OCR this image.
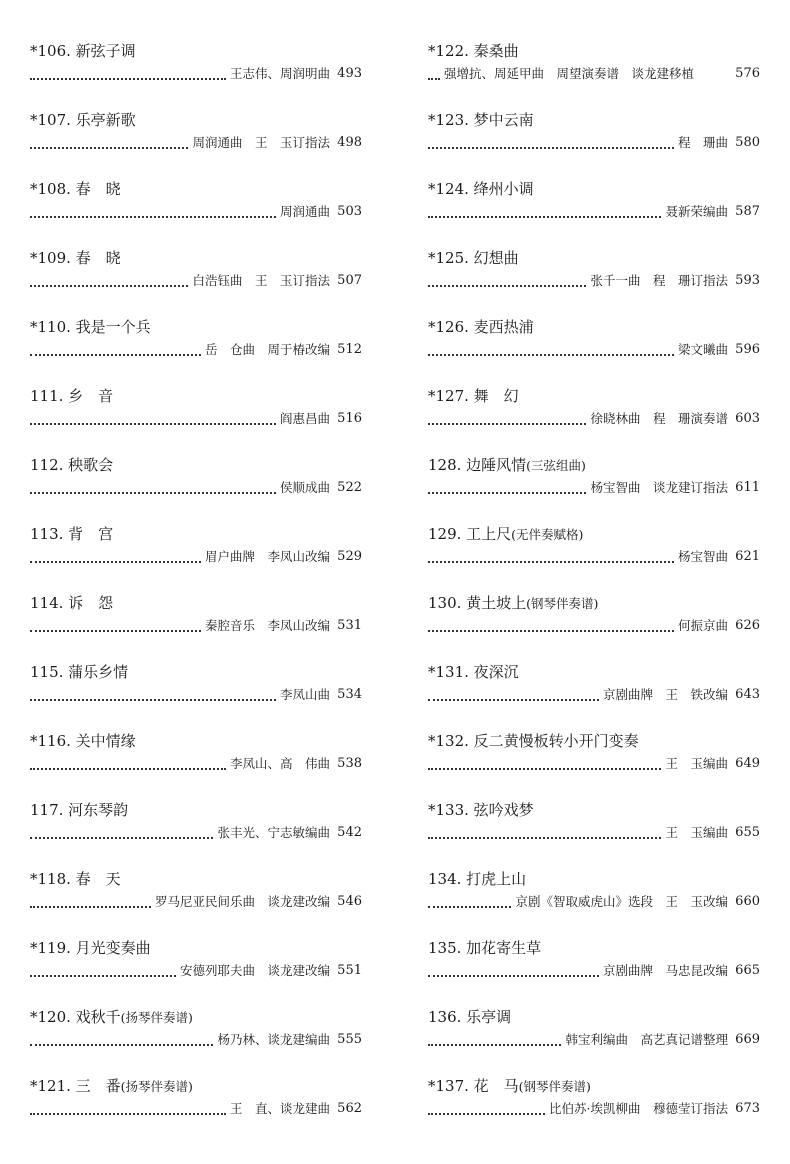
*106. 新弦子调
王志伟、周润明曲 493
*107. 乐亭新歌
周润通曲　王　玉订指法 498
*108. 春　晓
周润通曲 503
*109. 春　晓
白浩钰曲　王　玉订指法 507
*110. 我是一个兵
岳　仓曲　周于椿改编 512
111. 乡　音
阎惠昌曲 516
112. 秧歌会
侯顺成曲 522
113. 背　宫
眉户曲牌　李凤山改编 529
114. 诉　怨
秦腔音乐　李凤山改编 531
115. 蒲乐乡情
李凤山曲 534
*116. 关中情缘
李凤山、高　伟曲 538
117. 河东琴韵
张丰光、宁志敏编曲 542
*118. 春　天
罗马尼亚民间乐曲　谈龙建改编 546
*119. 月光变奏曲
安德列耶夫曲　谈龙建改编 551
*120. 戏秋千(扬琴伴奏谱)
杨乃林、谈龙建编曲 555
*121. 三　番(扬琴伴奏谱)
王　直、谈龙建曲 562
*122. 秦桑曲
强增抗、周延甲曲　周望演奏谱　谈龙建移植	576
*123. 梦中云南
程　珊曲 580
*124. 绛州小调
聂新荣编曲 587
*125. 幻想曲
张千一曲　程　珊订指法 593
*126. 麦西热浦
梁文曦曲 596
*127. 舞　幻
徐晓林曲　程　珊演奏谱 603
128. 边陲风情(三弦组曲)
杨宝智曲　谈龙建订指法 611
129. 工上尺(无伴奏赋格)
杨宝智曲 621
130. 黄土坡上(钢琴伴奏谱)
何振京曲 626
*131. 夜深沉
京剧曲牌　王　铁改编 643
*132. 反二黄慢板转小开门变奏
王　玉编曲 649
*133. 弦吟戏梦
王　玉编曲 655
134. 打虎上山
京剧《智取威虎山》选段　王　玉改编 660
135. 加花寄生草
京剧曲牌　马忠昆改编 665
136. 乐亭调
韩宝利编曲　高艺真记谱整理 669
*137. 花　马(钢琴伴奏谱)
比伯苏·埃凯柳曲　穆德莹订指法 673
